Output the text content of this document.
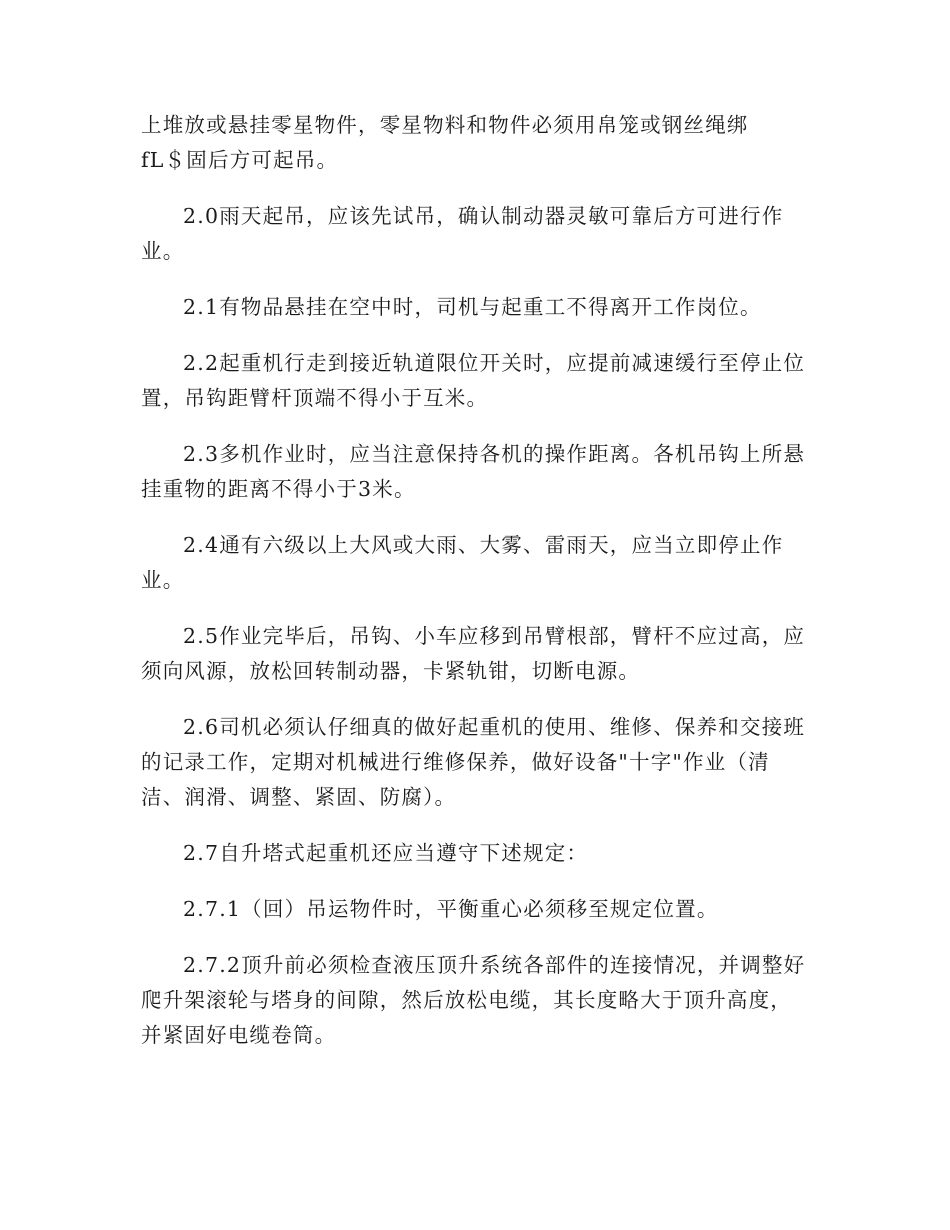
上堆放或悬挂零星物件，零星物料和物件必须用帛笼或钢丝绳绑
fL＄固后方可起吊。
2.0雨天起吊，应该先试吊，确认制动器灵敏可靠后方可进行作
业。
2.1有物品悬挂在空中时，司机与起重工不得离开工作岗位。
2.2起重机行走到接近轨道限位开关时，应提前减速缓行至停止位
置，吊钩距臂杆顶端不得小于互米。
2.3多机作业时，应当注意保持各机的操作距离。各机吊钩上所悬
挂重物的距离不得小于3米。
2.4通有六级以上大风或大雨、大雾、雷雨天，应当立即停止作
业。
2.5作业完毕后，吊钩、小车应移到吊臂根部，臂杆不应过高，应
须向风源，放松回转制动器，卡紧轨钳，切断电源。
2.6司机必须认仔细真的做好起重机的使用、维修、保养和交接班
的记录工作，定期对机械进行维修保养，做好设备"十字"作业（清
洁、润滑、调整、紧固、防腐）。
2.7自升塔式起重机还应当遵守下述规定：
2.7.1（回）吊运物件时，平衡重心必须移至规定位置。
2.7.2顶升前必须检查液压顶升系统各部件的连接情况，并调整好
爬升架滚轮与塔身的间隙，然后放松电缆，其长度略大于顶升高度，
并紧固好电缆卷筒。
